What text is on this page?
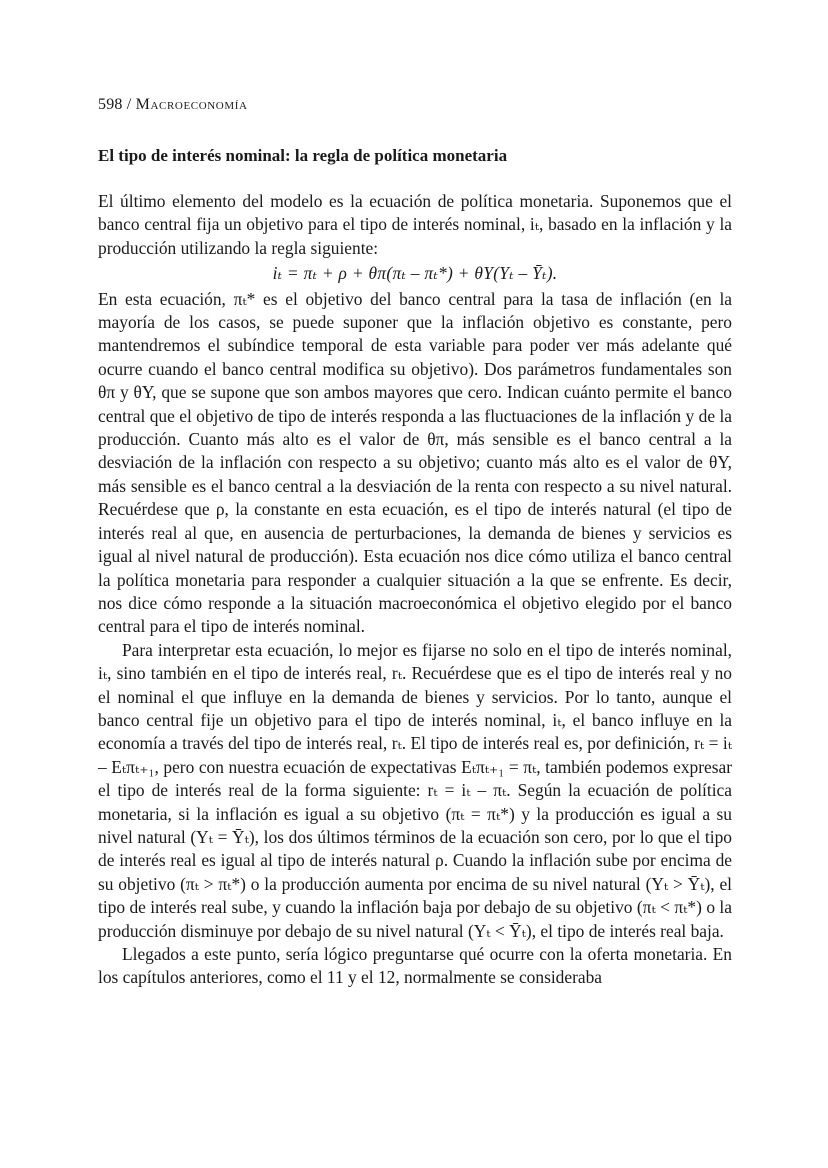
598 / Macroeconomía
El tipo de interés nominal: la regla de política monetaria

El último elemento del modelo es la ecuación de política monetaria. Suponemos que el banco central fija un objetivo para el tipo de interés nominal, iₜ, basado en la inflación y la producción utilizando la regla siguiente:

iₜ = πₜ + ρ + θπ(πₜ – πₜ*) + θY(Yₜ – Ȳₜ).

En esta ecuación, πₜ* es el objetivo del banco central para la tasa de inflación (en la mayoría de los casos, se puede suponer que la inflación objetivo es constante, pero mantendremos el subíndice temporal de esta variable para poder ver más adelante qué ocurre cuando el banco central modifica su objetivo). Dos parámetros fundamentales son θπ y θY, que se supone que son ambos mayores que cero. Indican cuánto permite el banco central que el objetivo de tipo de interés responda a las fluctuaciones de la inflación y de la producción. Cuanto más alto es el valor de θπ, más sensible es el banco central a la desviación de la inflación con respecto a su objetivo; cuanto más alto es el valor de θY, más sensible es el banco central a la desviación de la renta con respecto a su nivel natural. Recuérdese que ρ, la constante en esta ecuación, es el tipo de interés natural (el tipo de interés real al que, en ausencia de perturbaciones, la demanda de bienes y servicios es igual al nivel natural de producción). Esta ecuación nos dice cómo utiliza el banco central la política monetaria para responder a cualquier situación a la que se enfrente. Es decir, nos dice cómo responde a la situación macroeconómica el objetivo elegido por el banco central para el tipo de interés nominal.

Para interpretar esta ecuación, lo mejor es fijarse no solo en el tipo de interés nominal, iₜ, sino también en el tipo de interés real, rₜ. Recuérdese que es el tipo de interés real y no el nominal el que influye en la demanda de bienes y servicios. Por lo tanto, aunque el banco central fije un objetivo para el tipo de interés nominal, iₜ, el banco influye en la economía a través del tipo de interés real, rₜ. El tipo de interés real es, por definición, rₜ = iₜ – Eₜπₜ₊₁, pero con nuestra ecuación de expectativas Eₜπₜ₊₁ = πₜ, también podemos expresar el tipo de interés real de la forma siguiente: rₜ = iₜ – πₜ. Según la ecuación de política monetaria, si la inflación es igual a su objetivo (πₜ = πₜ*) y la producción es igual a su nivel natural (Yₜ = Ȳₜ), los dos últimos términos de la ecuación son cero, por lo que el tipo de interés real es igual al tipo de interés natural ρ. Cuando la inflación sube por encima de su objetivo (πₜ > πₜ*) o la producción aumenta por encima de su nivel natural (Yₜ > Ȳₜ), el tipo de interés real sube, y cuando la inflación baja por debajo de su objetivo (πₜ < πₜ*) o la producción disminuye por debajo de su nivel natural (Yₜ < Ȳₜ), el tipo de interés real baja.

Llegados a este punto, sería lógico preguntarse qué ocurre con la oferta monetaria. En los capítulos anteriores, como el 11 y el 12, normalmente se consideraba
